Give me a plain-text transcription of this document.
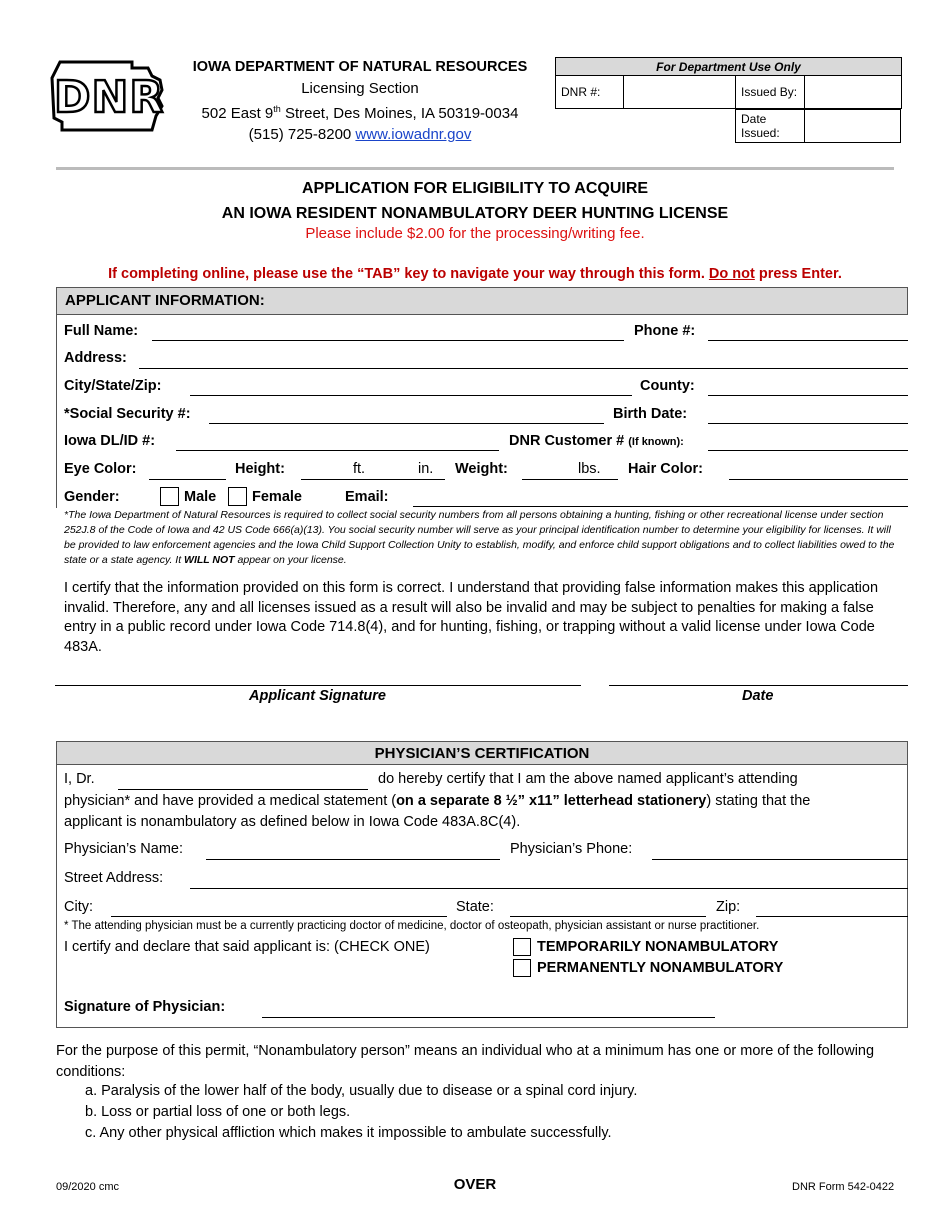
DNR
IOWA DEPARTMENT OF NATURAL RESOURCES
Licensing Section
502 East 9th Street, Des Moines, IA 50319-0034
(515) 725-8200 www.iowadnr.gov
For Department Use Only
DNR #:		Issued By:	
Date Issued:	
APPLICATION FOR ELIGIBILITY TO ACQUIRE
AN IOWA RESIDENT NONAMBULATORY DEER HUNTING LICENSE
Please include $2.00 for the processing/writing fee.
If completing online, please use the “TAB” key to navigate your way through this form. Do not press Enter.
APPLICANT INFORMATION:
Full Name:	Phone #:
Address:
City/State/Zip:	County:
*Social Security #:	Birth Date:
Iowa DL/ID #:	DNR Customer # (If known):
Eye Color:	Height:	ft.	in. Weight:	lbs. Hair Color:
Gender:	Male Female	Email:
*The Iowa Department of Natural Resources is required to collect social security numbers from all persons obtaining a hunting, fishing or other recreational license under section 252J.8 of the Code of Iowa and 42 US Code 666(a)(13). You social security number will serve as your principal identification number to determine your eligibility for licenses. It will be provided to law enforcement agencies and the Iowa Child Support Collection Unity to establish, modify, and enforce child support obligations and to collect liabilities owed to the state or a state agency. It WILL NOT appear on your license.
I certify that the information provided on this form is correct. I understand that providing false information makes this application invalid. Therefore, any and all licenses issued as a result will also be invalid and may be subject to penalties for making a false entry in a public record under Iowa Code 714.8(4), and for hunting, fishing, or trapping without a valid license under Iowa Code 483A.
Applicant Signature	Date
PHYSICIAN’S CERTIFICATION
I, Dr.	do hereby certify that I am the above named applicant’s attending
physician* and have provided a medical statement (on a separate 8 ½” x11” letterhead stationery) stating that the
applicant is nonambulatory as defined below in Iowa Code 483A.8C(4).
Physician’s Name:	Physician’s Phone:
Street Address:
City:	State:	Zip:
* The attending physician must be a currently practicing doctor of medicine, doctor of osteopath, physician assistant or nurse practitioner.
I certify and declare that said applicant is: (CHECK ONE)	TEMPORARILY NONAMBULATORY
PERMANENTLY NONAMBULATORY
Signature of Physician:
For the purpose of this permit, “Nonambulatory person” means an individual who at a minimum has one or more of the following conditions:
a. Paralysis of the lower half of the body, usually due to disease or a spinal cord injury.
b. Loss or partial loss of one or both legs.
c. Any other physical affliction which makes it impossible to ambulate successfully.
09/2020 cmc	OVER	DNR Form 542-0422
